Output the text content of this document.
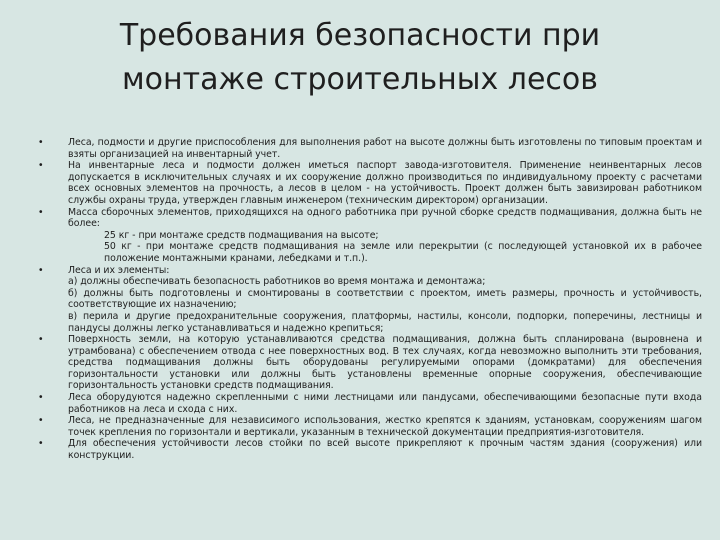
Требования безопасности при
монтаже строительных лесов

• Леса, подмости и другие приспособления для выполнения работ на высоте должны быть изготовлены по типовым проектам и взяты организацией на инвентарный учет.

• На инвентарные леса и подмости должен иметься паспорт завода-изготовителя. Применение неинвентарных лесов допускается в исключительных случаях и их сооружение должно производиться по индивидуальному проекту с расчетами всех основных элементов на прочность, а лесов в целом - на устойчивость. Проект должен быть завизирован работником службы охраны труда, утвержден главным инженером (техническим директором) организации.

• Масса сборочных элементов, приходящихся на одного работника при ручной сборке средств подмащивания, должна быть не более:

25 кг - при монтаже средств подмащивания на высоте;

50 кг - при монтаже средств подмащивания на земле или перекрытии (с последующей установкой их в рабочее положение монтажными кранами, лебедками и т.п.).

• Леса и их элементы:

а) должны обеспечивать безопасность работников во время монтажа и демонтажа;

б) должны быть подготовлены и смонтированы в соответствии с проектом, иметь размеры, прочность и устойчивость, соответствующие их назначению;

в) перила и другие предохранительные сооружения, платформы, настилы, консоли, подпорки, поперечины, лестницы и пандусы должны легко устанавливаться и надежно крепиться;

• Поверхность земли, на которую устанавливаются средства подмащивания, должна быть спланирована (выровнена и утрамбована) с обеспечением отвода с нее поверхностных вод. В тех случаях, когда невозможно выполнить эти требования, средства подмащивания должны быть оборудованы регулируемыми опорами (домкратами) для обеспечения горизонтальности установки или должны быть установлены временные опорные сооружения, обеспечивающие горизонтальность установки средств подмащивания.

• Леса оборудуются надежно скрепленными с ними лестницами или пандусами, обеспечивающими безопасные пути входа работников на леса и схода с них.

• Леса, не предназначенные для независимого использования, жестко крепятся к зданиям, установкам, сооружениям шагом точек крепления по горизонтали и вертикали, указанным в технической документации предприятия-изготовителя.

• Для обеспечения устойчивости лесов стойки по всей высоте прикрепляют к прочным частям здания (сооружения) или конструкции.
